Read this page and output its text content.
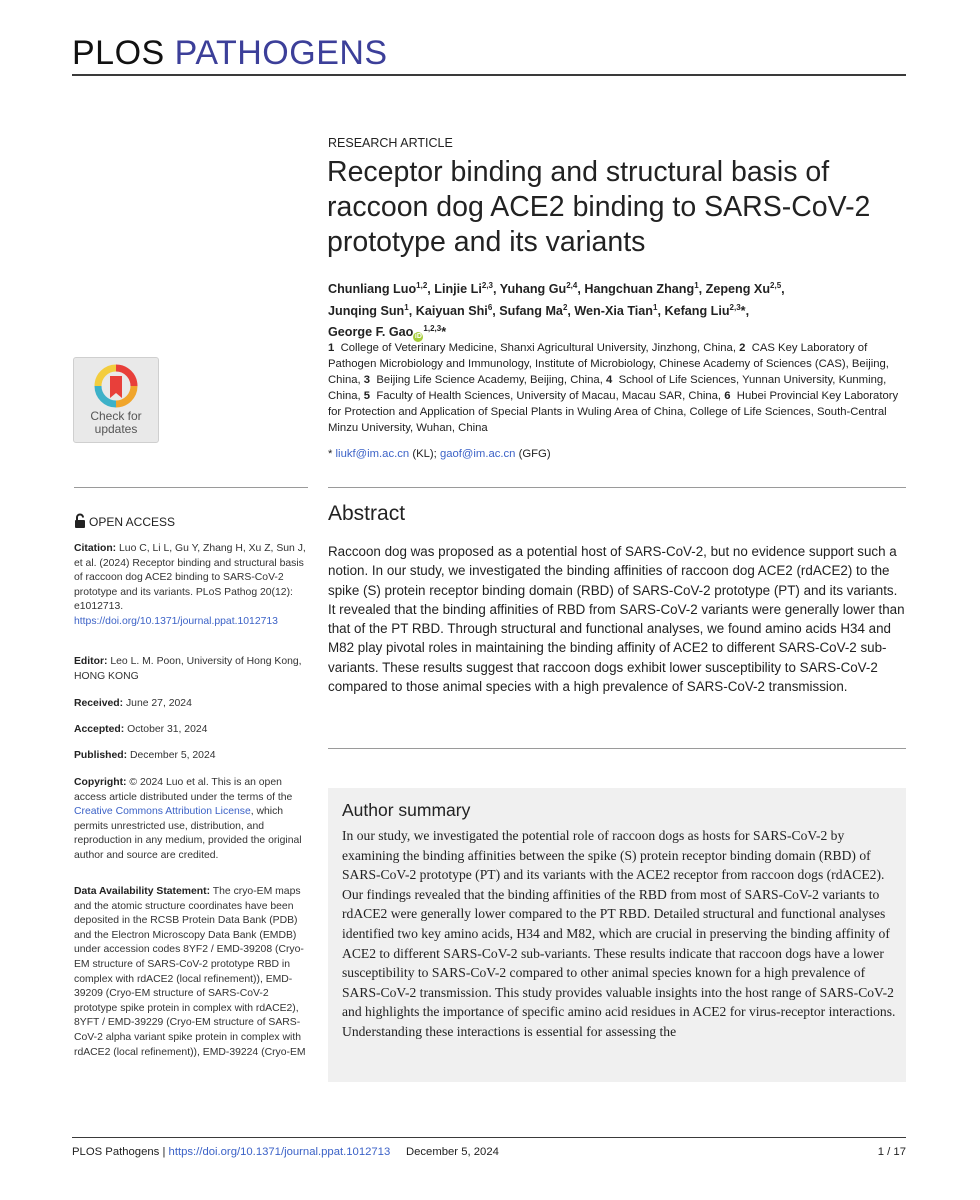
PLOS PATHOGENS
Check for
updates
RESEARCH ARTICLE
Receptor binding and structural basis of raccoon dog ACE2 binding to SARS-CoV-2 prototype and its variants
Chunliang Luo$^{1,2}$, Linjie Li$^{2,3}$, Yuhang Gu$^{2,4}$, Hangchuan Zhang$^1$, Zepeng Xu$^{2,5}$,
Junqing Sun$^1$, Kaiyuan Shi$^6$, Sufang Ma$^2$, Wen-Xia Tian$^1$, Kefang Liu$^{2,3}$*,
George F. Gao iD$^{1,2,3}$*
1 College of Veterinary Medicine, Shanxi Agricultural University, Jinzhong, China, 2 CAS Key Laboratory of Pathogen Microbiology and Immunology, Institute of Microbiology, Chinese Academy of Sciences (CAS), Beijing, China, 3 Beijing Life Science Academy, Beijing, China, 4 School of Life Sciences, Yunnan University, Kunming, China, 5 Faculty of Health Sciences, University of Macau, Macau SAR, China, 6 Hubei Provincial Key Laboratory for Protection and Application of Special Plants in Wuling Area of China, College of Life Sciences, South-Central Minzu University, Wuhan, China
* liukf@im.ac.cn (KL); gaof@im.ac.cn (GFG)
OPEN ACCESS
Citation: Luo C, Li L, Gu Y, Zhang H, Xu Z, Sun J, et al. (2024) Receptor binding and structural basis of raccoon dog ACE2 binding to SARS-CoV-2 prototype and its variants. PLoS Pathog 20(12): e1012713. https://doi.org/10.1371/journal.ppat.1012713
Editor: Leo L. M. Poon, University of Hong Kong, HONG KONG
Received: June 27, 2024
Accepted: October 31, 2024
Published: December 5, 2024
Copyright: © 2024 Luo et al. This is an open access article distributed under the terms of the Creative Commons Attribution License, which permits unrestricted use, distribution, and reproduction in any medium, provided the original author and source are credited.
Data Availability Statement: The cryo-EM maps and the atomic structure coordinates have been deposited in the RCSB Protein Data Bank (PDB) and the Electron Microscopy Data Bank (EMDB) under accession codes 8YF2 / EMD-39208 (Cryo-EM structure of SARS-CoV-2 prototype RBD in complex with rdACE2 (local refinement)), EMD-39209 (Cryo-EM structure of SARS-CoV-2 prototype spike protein in complex with rdACE2), 8YFT / EMD-39229 (Cryo-EM structure of SARS-CoV-2 alpha variant spike protein in complex with rdACE2 (local refinement)), EMD-39224 (Cryo-EM
Abstract
Raccoon dog was proposed as a potential host of SARS-CoV-2, but no evidence support such a notion. In our study, we investigated the binding affinities of raccoon dog ACE2 (rdACE2) to the spike (S) protein receptor binding domain (RBD) of SARS-CoV-2 prototype (PT) and its variants. It revealed that the binding affinities of RBD from SARS-CoV-2 variants were generally lower than that of the PT RBD. Through structural and functional analyses, we found amino acids H34 and M82 play pivotal roles in maintaining the binding affinity of ACE2 to different SARS-CoV-2 sub-variants. These results suggest that raccoon dogs exhibit lower susceptibility to SARS-CoV-2 compared to those animal species with a high prevalence of SARS-CoV-2 transmission.
Author summary
In our study, we investigated the potential role of raccoon dogs as hosts for SARS-CoV-2 by examining the binding affinities between the spike (S) protein receptor binding domain (RBD) of SARS-CoV-2 prototype (PT) and its variants with the ACE2 receptor from raccoon dogs (rdACE2). Our findings revealed that the binding affinities of the RBD from most of SARS-CoV-2 variants to rdACE2 were generally lower compared to the PT RBD. Detailed structural and functional analyses identified two key amino acids, H34 and M82, which are crucial in preserving the binding affinity of ACE2 to different SARS-CoV-2 sub-variants. These results indicate that raccoon dogs have a lower susceptibility to SARS-CoV-2 compared to other animal species known for a high prevalence of SARS-CoV-2 transmission. This study provides valuable insights into the host range of SARS-CoV-2 and highlights the importance of specific amino acid residues in ACE2 for virus-receptor interactions. Understanding these interactions is essential for assessing the
PLOS Pathogens | https://doi.org/10.1371/journal.ppat.1012713 December 5, 2024	1 / 17
